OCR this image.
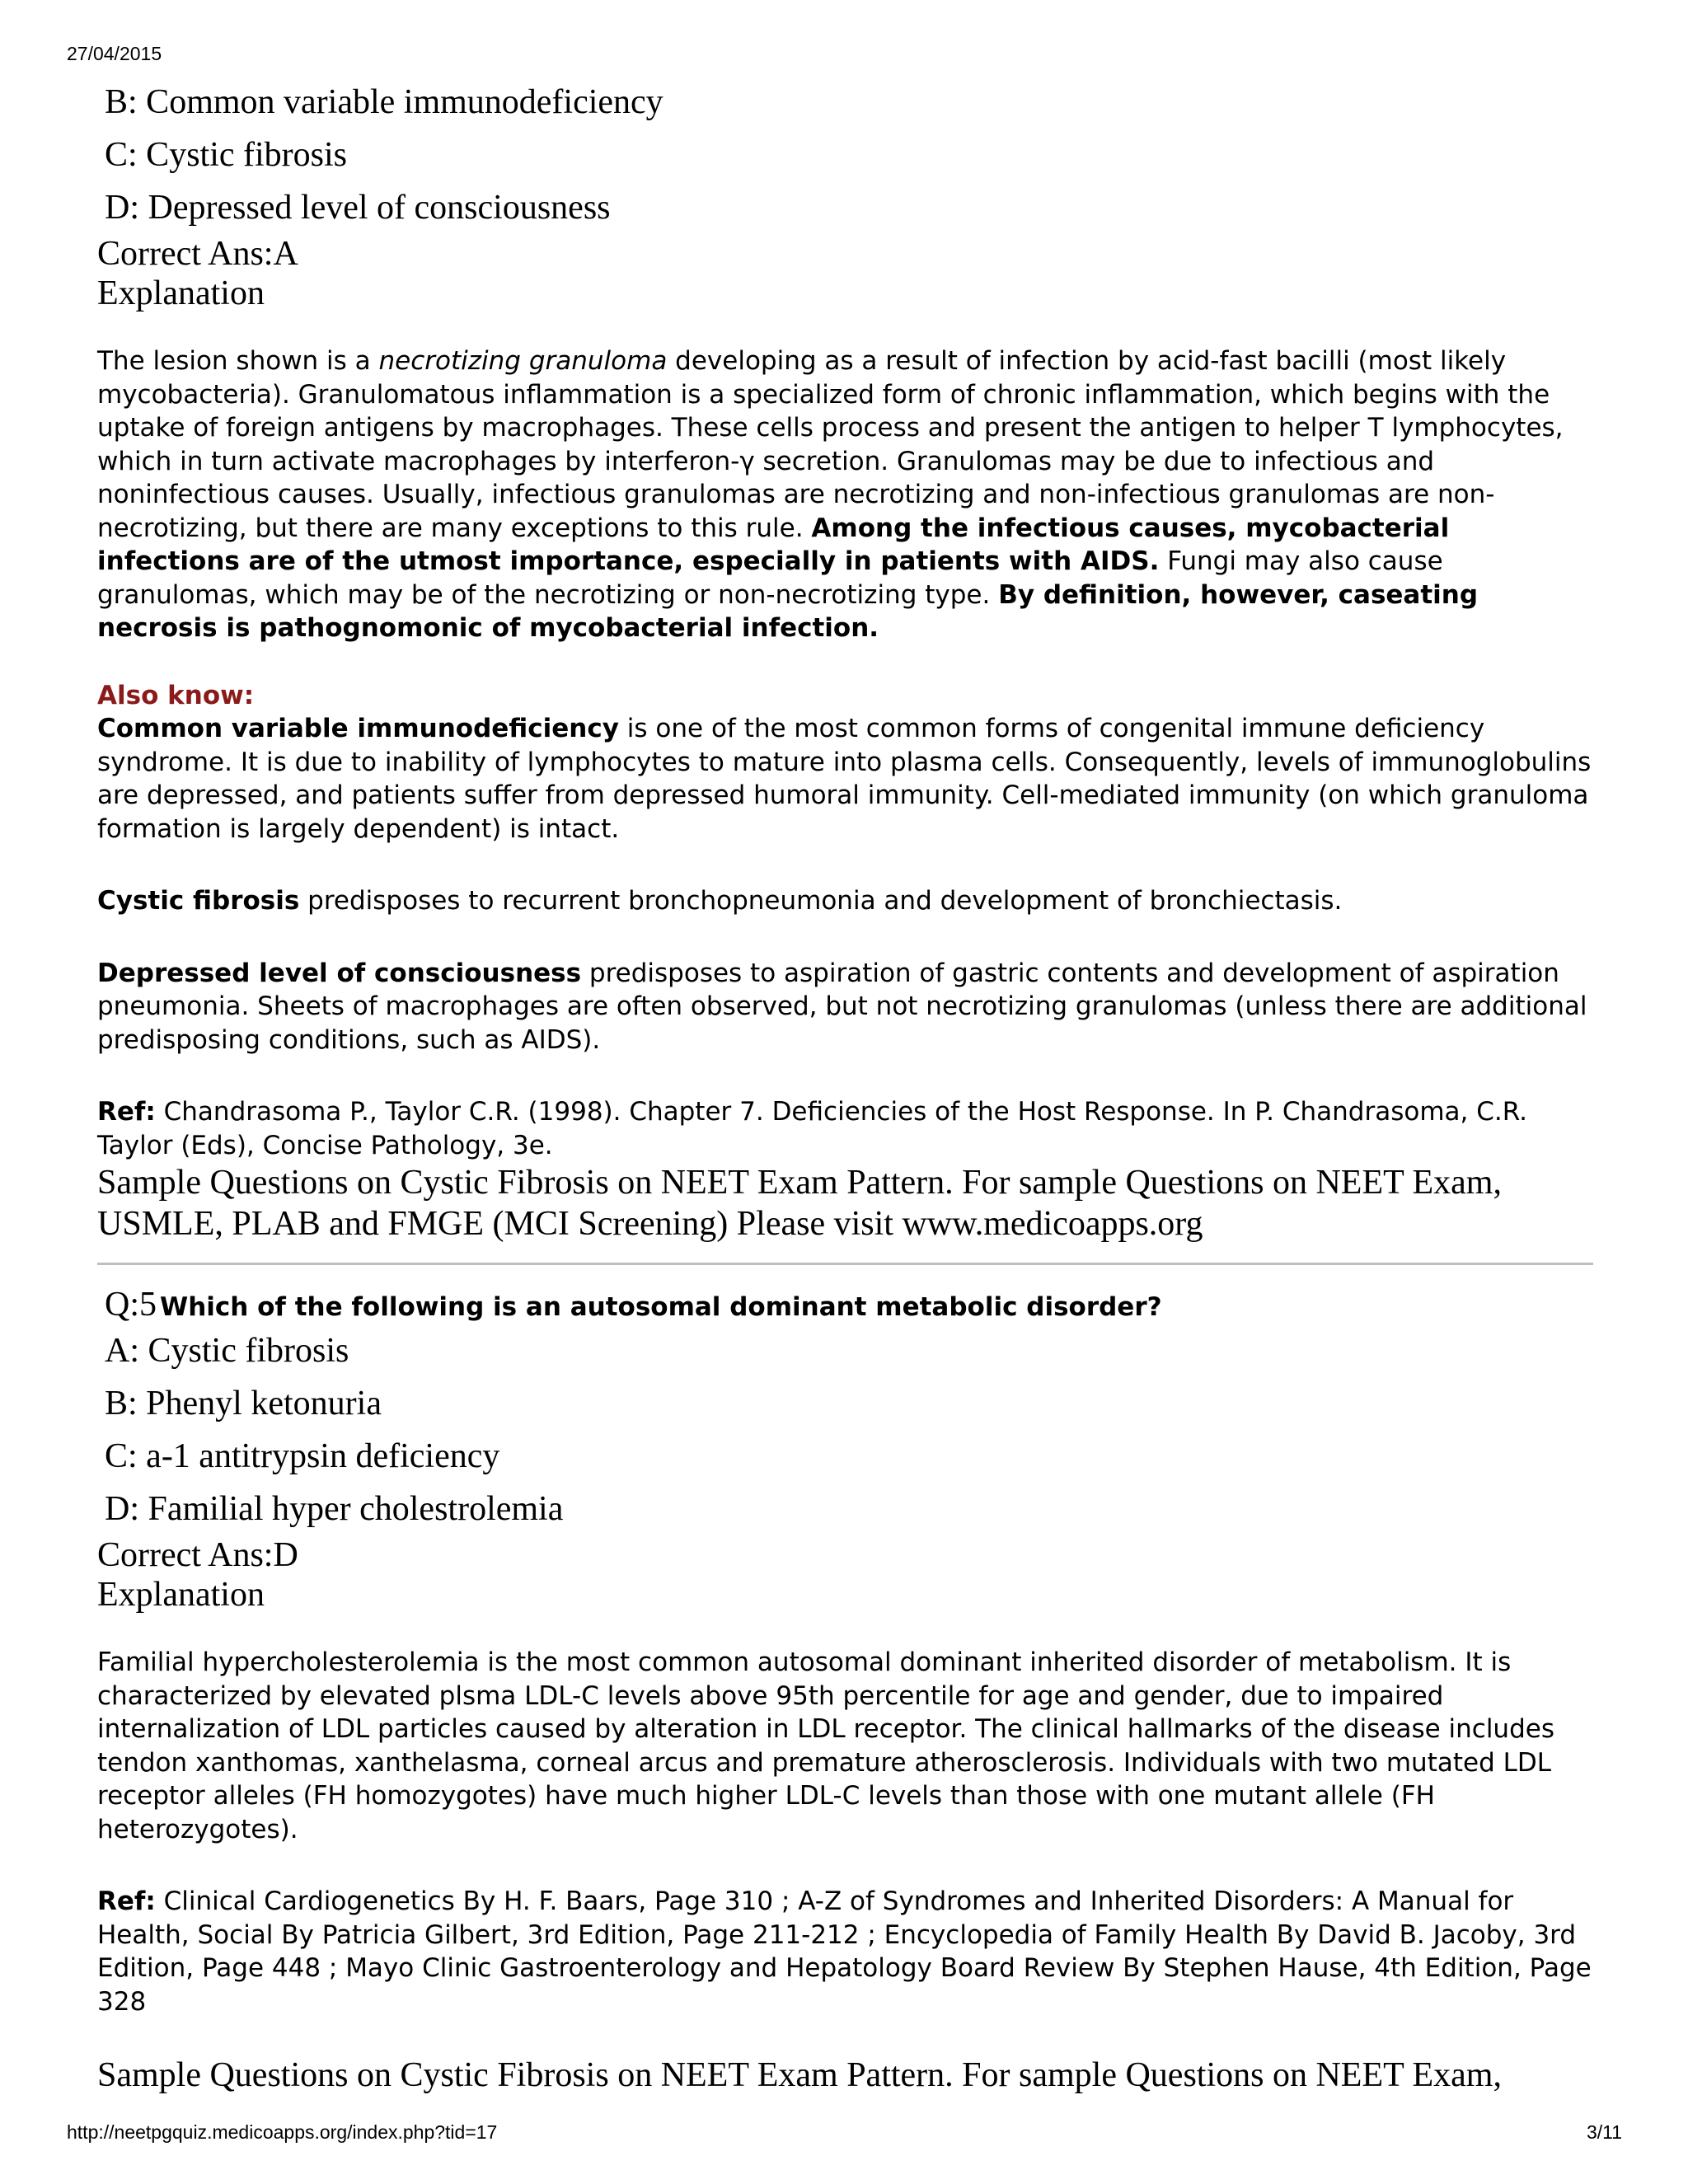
27/04/2015
B: Common variable immunodeficiency
C: Cystic fibrosis
D: Depressed level of consciousness
Correct Ans:A
Explanation

The lesion shown is a necrotizing granuloma developing as a result of infection by acid-fast bacilli (most likely mycobacteria). Granulomatous inflammation is a specialized form of chronic inflammation, which begins with the uptake of foreign antigens by macrophages. These cells process and present the antigen to helper T lymphocytes, which in turn activate macrophages by interferon-γ secretion. Granulomas may be due to infectious and noninfectious causes. Usually, infectious granulomas are necrotizing and non-infectious granulomas are non-necrotizing, but there are many exceptions to this rule. Among the infectious causes, mycobacterial infections are of the utmost importance, especially in patients with AIDS. Fungi may also cause granulomas, which may be of the necrotizing or non-necrotizing type. By definition, however, caseating necrosis is pathognomonic of mycobacterial infection.

Also know:
Common variable immunodeficiency is one of the most common forms of congenital immune deficiency syndrome. It is due to inability of lymphocytes to mature into plasma cells. Consequently, levels of immunoglobulins are depressed, and patients suffer from depressed humoral immunity. Cell-mediated immunity (on which granuloma formation is largely dependent) is intact.

Cystic fibrosis predisposes to recurrent bronchopneumonia and development of bronchiectasis.

Depressed level of consciousness predisposes to aspiration of gastric contents and development of aspiration pneumonia. Sheets of macrophages are often observed, but not necrotizing granulomas (unless there are additional predisposing conditions, such as AIDS).

Ref: Chandrasoma P., Taylor C.R. (1998). Chapter 7. Deficiencies of the Host Response. In P. Chandrasoma, C.R. Taylor (Eds), Concise Pathology, 3e.

Sample Questions on Cystic Fibrosis on NEET Exam Pattern. For sample Questions on NEET Exam, USMLE, PLAB and FMGE (MCI Screening) Please visit www.medicoapps.org

Q:5 Which of the following is an autosomal dominant metabolic disorder?
A: Cystic fibrosis
B: Phenyl ketonuria
C: a-1 antitrypsin deficiency
D: Familial hyper cholestrolemia
Correct Ans:D
Explanation

Familial hypercholesterolemia is the most common autosomal dominant inherited disorder of metabolism. It is characterized by elevated plsma LDL-C levels above 95th percentile for age and gender, due to impaired internalization of LDL particles caused by alteration in LDL receptor. The clinical hallmarks of the disease includes tendon xanthomas, xanthelasma, corneal arcus and premature atherosclerosis. Individuals with two mutated LDL receptor alleles (FH homozygotes) have much higher LDL-C levels than those with one mutant allele (FH heterozygotes).

Ref: Clinical Cardiogenetics By H. F. Baars, Page 310 ; A-Z of Syndromes and Inherited Disorders: A Manual for Health, Social By Patricia Gilbert, 3rd Edition, Page 211-212 ; Encyclopedia of Family Health By David B. Jacoby, 3rd Edition, Page 448 ; Mayo Clinic Gastroenterology and Hepatology Board Review By Stephen Hause, 4th Edition, Page 328

Sample Questions on Cystic Fibrosis on NEET Exam Pattern. For sample Questions on NEET Exam,

http://neetpgquiz.medicoapps.org/index.php?tid=17	3/11
